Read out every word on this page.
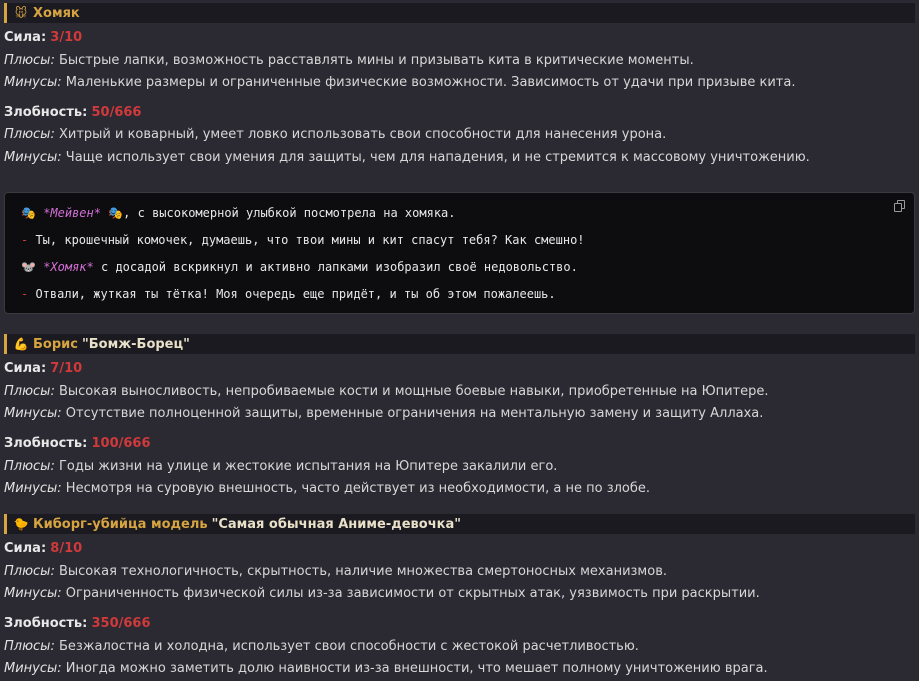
🐭 Хомяк
Сила: 3/10
Плюсы: Быстрые лапки, возможность расставлять мины и призывать кита в критические моменты.
Минусы: Маленькие размеры и ограниченные физические возможности. Зависимость от удачи при призыве кита.
Злобность: 50/666
Плюсы: Хитрый и коварный, умеет ловко использовать свои способности для нанесения урона.
Минусы: Чаще использует свои умения для защиты, чем для нападения, и не стремится к массовому уничтожению.
🎭 *Мейвен* 🎭, с высокомерной улыбкой посмотрела на хомяка.
- Ты, крошечный комочек, думаешь, что твои мины и кит спасут тебя? Как смешно!
🐭 *Хомяк* с досадой вскрикнул и активно лапками изобразил своё недовольство.
- Отвали, жуткая ты тётка! Моя очередь еще придёт, и ты об этом пожалеешь.
💪 Борис "Бомж-Борец"
Сила: 7/10
Плюсы: Высокая выносливость, непробиваемые кости и мощные боевые навыки, приобретенные на Юпитере.
Минусы: Отсутствие полноценной защиты, временные ограничения на ментальную замену и защиту Аллаха.
Злобность: 100/666
Плюсы: Годы жизни на улице и жестокие испытания на Юпитере закалили его.
Минусы: Несмотря на суровую внешность, часто действует из необходимости, а не по злобе.
🐤 Киборг-убийца модель "Самая обычная Аниме-девочка"
Сила: 8/10
Плюсы: Высокая технологичность, скрытность, наличие множества смертоносных механизмов.
Минусы: Ограниченность физической силы из-за зависимости от скрытных атак, уязвимость при раскрытии.
Злобность: 350/666
Плюсы: Безжалостна и холодна, использует свои способности с жестокой расчетливостью.
Минусы: Иногда можно заметить долю наивности из-за внешности, что мешает полному уничтожению врага.
